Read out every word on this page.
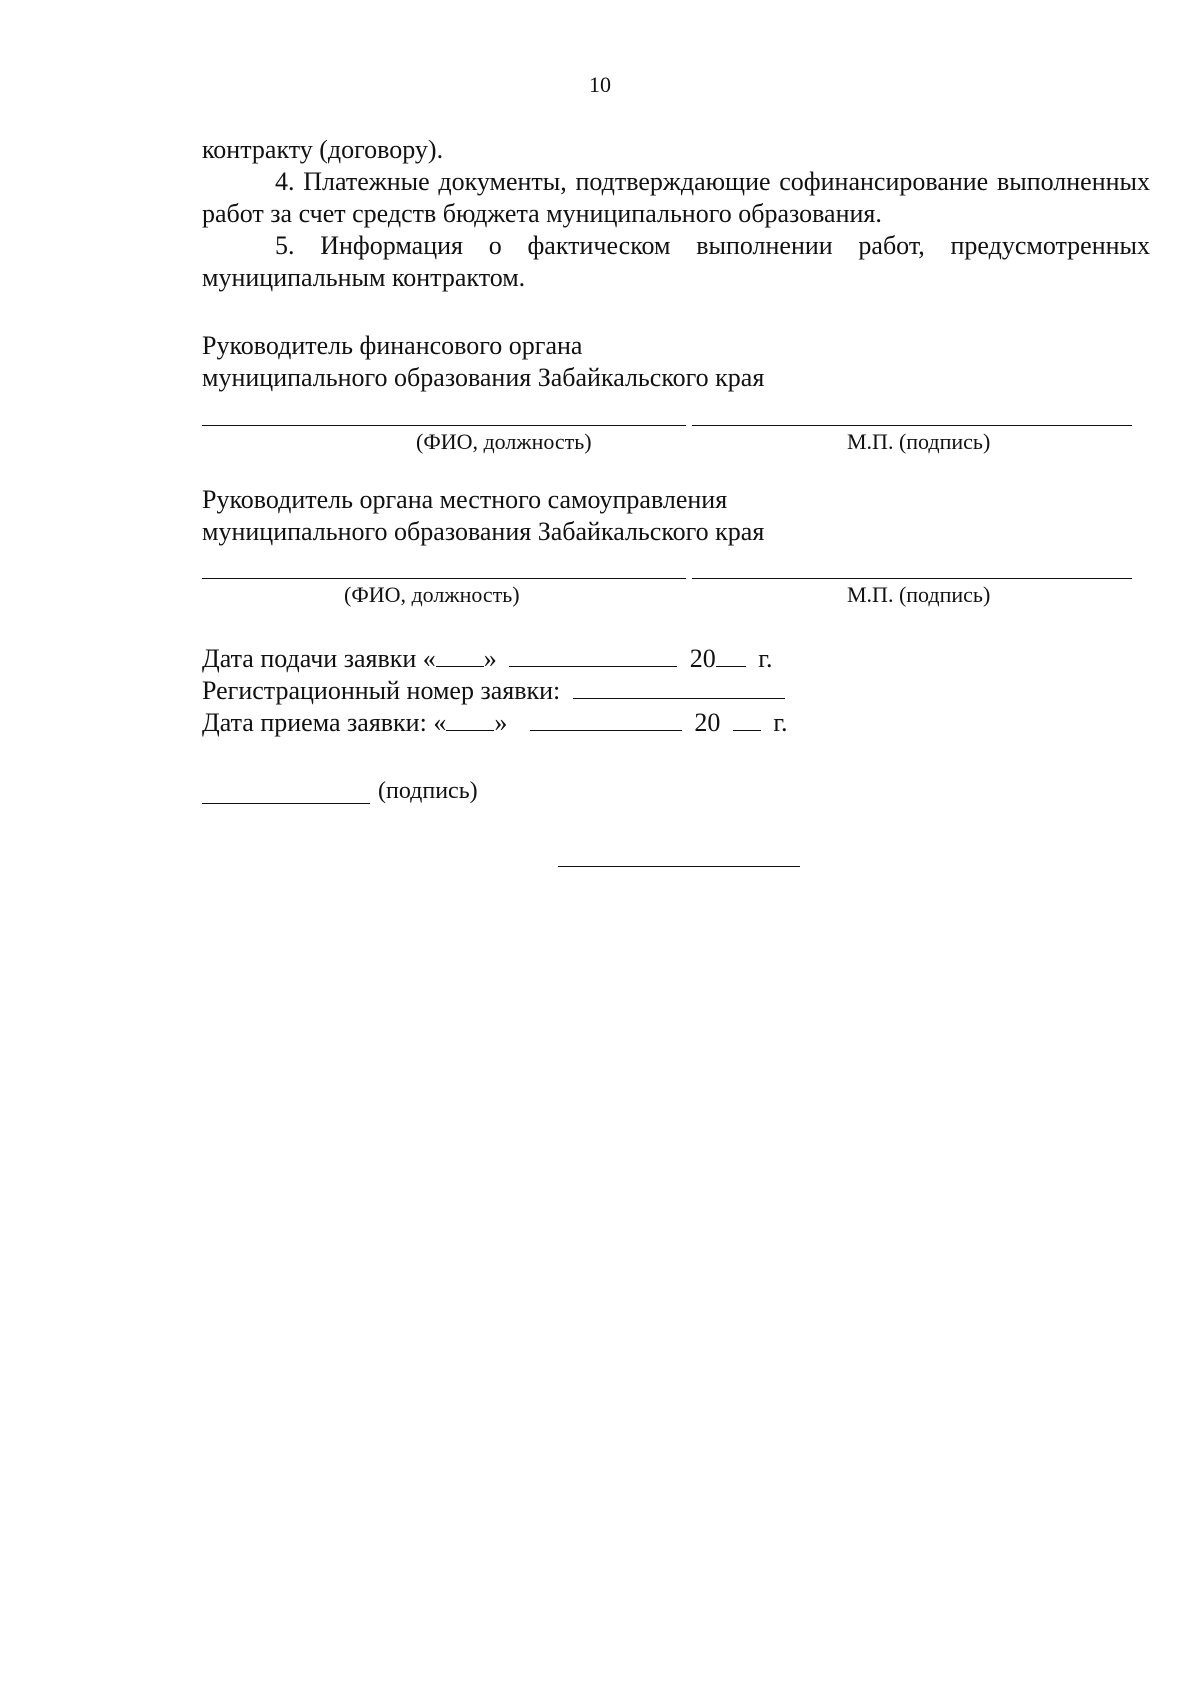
10

контракту (договору).

4. Платежные документы, подтверждающие софинансирование выполненных работ за счет средств бюджета муниципального образования.

5. Информация о фактическом выполнении работ, предусмотренных муниципальным контрактом.

Руководитель финансового органа
муниципального образования Забайкальского края
(ФИО, должность)	М.П. (подпись)
Руководитель органа местного самоуправления
муниципального образования Забайкальского края
(ФИО, должность)	М.П. (подпись)
Дата подачи заявки « »	20 г.
Регистрационный номер заявки:
Дата приема заявки: « »	20 г.
(подпись)
